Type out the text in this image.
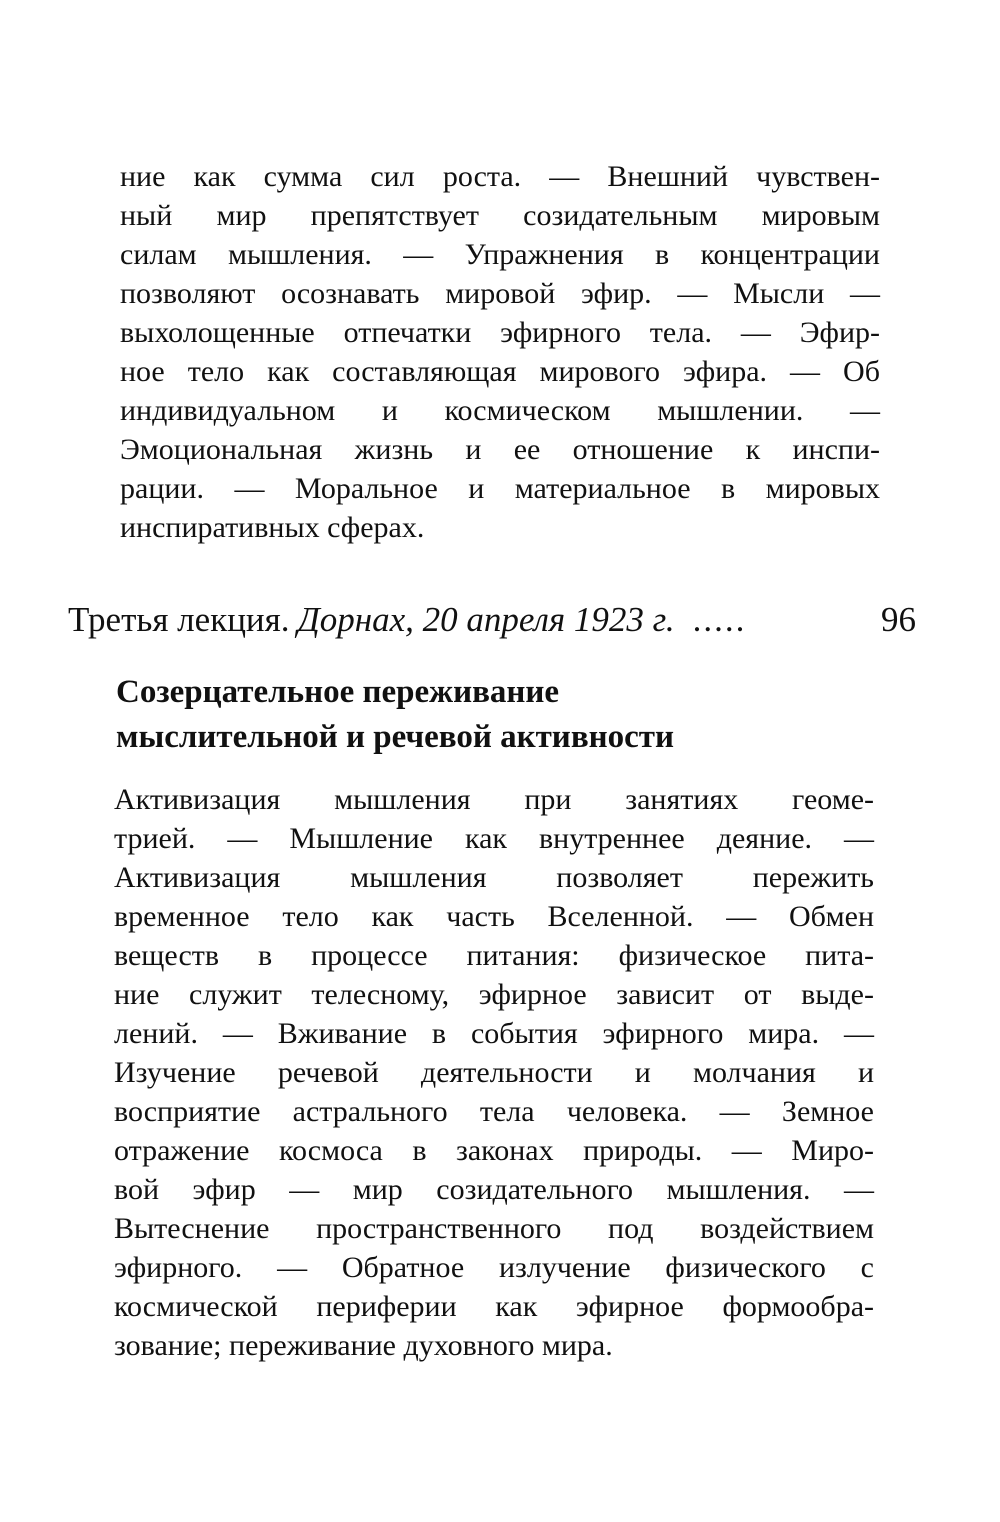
ние как сумма сил роста. — Внешний чувствен-
ный мир препятствует созидательным мировым
силам мышления. — Упражнения в концентрации
позволяют осознавать мировой эфир. — Мысли —
выхолощенные отпечатки эфирного тела. — Эфир-
ное тело как составляющая мирового эфира. — Об
индивидуальном и космическом мышлении. —
Эмоциональная жизнь и ее отношение к инспи-
рации. — Моральное и материальное в мировых
инспиративных сферах.
Третья лекция. Дорнах, 20 апреля 1923 г. .....	96
Созерцательное переживание
мыслительной и речевой активности
Активизация мышления при занятиях геоме-
трией. — Мышление как внутреннее деяние. —
Активизация мышления позволяет пережить
временное тело как часть Вселенной. — Обмен
веществ в процессе питания: физическое пита-
ние служит телесному, эфирное зависит от выде-
лений. — Вживание в события эфирного мира. —
Изучение речевой деятельности и молчания и
восприятие астрального тела человека. — Земное
отражение космоса в законах природы. — Миро-
вой эфир — мир созидательного мышления. —
Вытеснение пространственного под воздействием
эфирного. — Обратное излучение физического с
космической периферии как эфирное формообра-
зование; переживание духовного мира.
